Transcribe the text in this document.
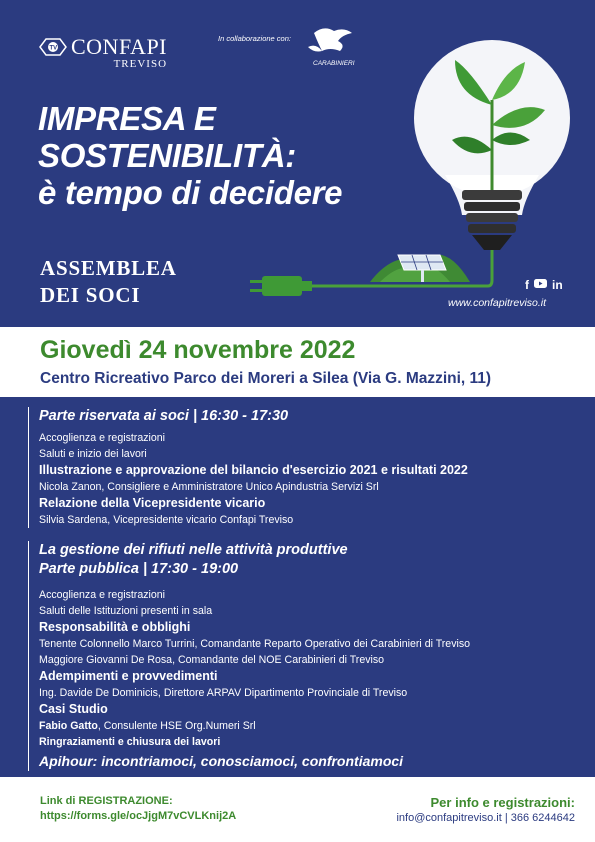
TV CONFAPI
TREVISO
In collaborazione con:
CARABINIERI
IMPRESA E
SOSTENIBILITÀ:
è tempo di decidere
ASSEMBLEA
DEI SOCI	f in
www.confapitreviso.it
Giovedì 24 novembre 2022
Centro Ricreativo Parco dei Moreri a Silea (Via G. Mazzini, 11)
Parte riservata ai soci | 16:30 - 17:30
Accoglienza e registrazioni
Saluti e inizio dei lavori
Illustrazione e approvazione del bilancio d'esercizio 2021 e risultati 2022
Nicola Zanon, Consigliere e Amministratore Unico Apindustria Servizi Srl
Relazione della Vicepresidente vicario
Silvia Sardena, Vicepresidente vicario Confapi Treviso
La gestione dei rifiuti nelle attività produttive
Parte pubblica | 17:30 - 19:00
Accoglienza e registrazioni
Saluti delle Istituzioni presenti in sala
Responsabilità e obblighi
Tenente Colonnello Marco Turrini, Comandante Reparto Operativo dei Carabinieri di Treviso
Maggiore Giovanni De Rosa, Comandante del NOE Carabinieri di Treviso
Adempimenti e provvedimenti
Ing. Davide De Dominicis, Direttore ARPAV Dipartimento Provinciale di Treviso
Casi Studio
Fabio Gatto, Consulente HSE Org.Numeri Srl
Ringraziamenti e chiusura dei lavori
Apihour: incontriamoci, conosciamoci, confrontiamoci
Link di REGISTRAZIONE:
https://forms.gle/ocJjgM7vCVLKnij2A
Per info e registrazioni:
info@confapitreviso.it | 366 6244642
